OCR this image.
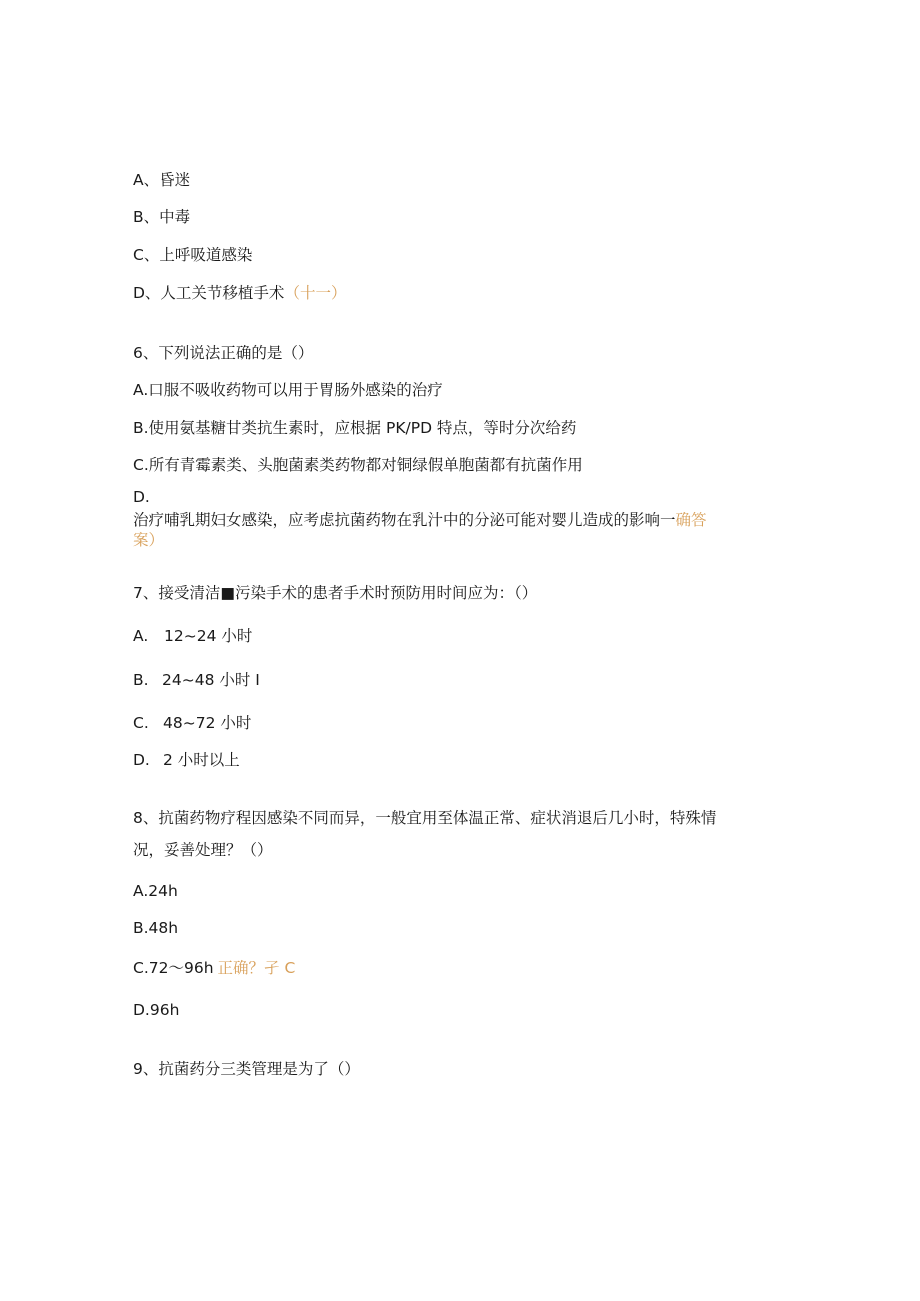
A、昏迷
B、中毒
C、上呼吸道感染
D、人工关节移植手术（十一）
6、下列说法正确的是（）
A.口服不吸收药物可以用于胃肠外感染的治疗
B.使用氨基糖甘类抗生素时，应根据 PK/PD 特点，等时分次给药
C.所有青霉素类、头胞菌素类药物都对铜绿假单胞菌都有抗菌作用
D.
治疗哺乳期妇女感染，应考虑抗菌药物在乳汁中的分泌可能对婴儿造成的影响一确答
案）
7、接受清洁■污染手术的患者手术时预防用时间应为：（）
A. 12~24 小时
B. 24~48 小时 I
C. 48~72 小时
D. 2 小时以上
8、抗菌药物疗程因感染不同而异，一般宜用至体温正常、症状消退后几小时，特殊情
况，妥善处理？（）
A.24h
B.48h
C.72～96h 正确？孑 C
D.96h
9、抗菌药分三类管理是为了（）
